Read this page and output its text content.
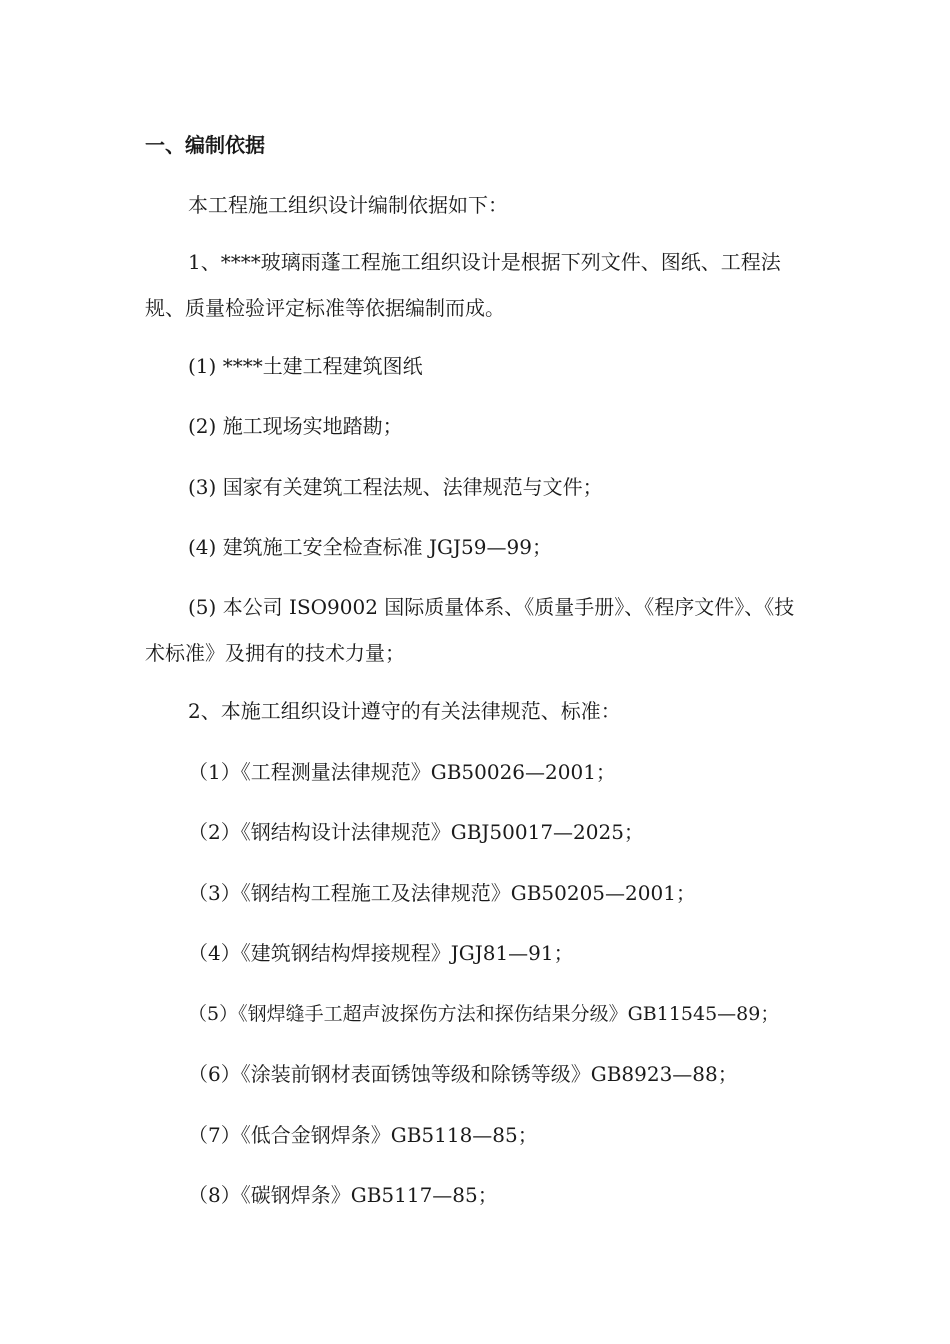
一、编制依据

本工程施工组织设计编制依据如下：

1、****玻璃雨蓬工程施工组织设计是根据下列文件、图纸、工程法规、质量检验评定标准等依据编制而成。

(1) ****土建工程建筑图纸

(2) 施工现场实地踏勘；

(3) 国家有关建筑工程法规、法律规范与文件；

(4) 建筑施工安全检查标准 JGJ59—99；

(5) 本公司 ISO9002 国际质量体系、《质量手册》、《程序文件》、《技术标准》及拥有的技术力量；

2、本施工组织设计遵守的有关法律规范、标准：

（1）《工程测量法律规范》GB50026—2001；

（2）《钢结构设计法律规范》GBJ50017—2025；

（3）《钢结构工程施工及法律规范》GB50205—2001；

（4）《建筑钢结构焊接规程》JGJ81—91；

（5）《钢焊缝手工超声波探伤方法和探伤结果分级》GB11545—89；

（6）《涂装前钢材表面锈蚀等级和除锈等级》GB8923—88；

（7）《低合金钢焊条》GB5118—85；

（8）《碳钢焊条》GB5117—85；
